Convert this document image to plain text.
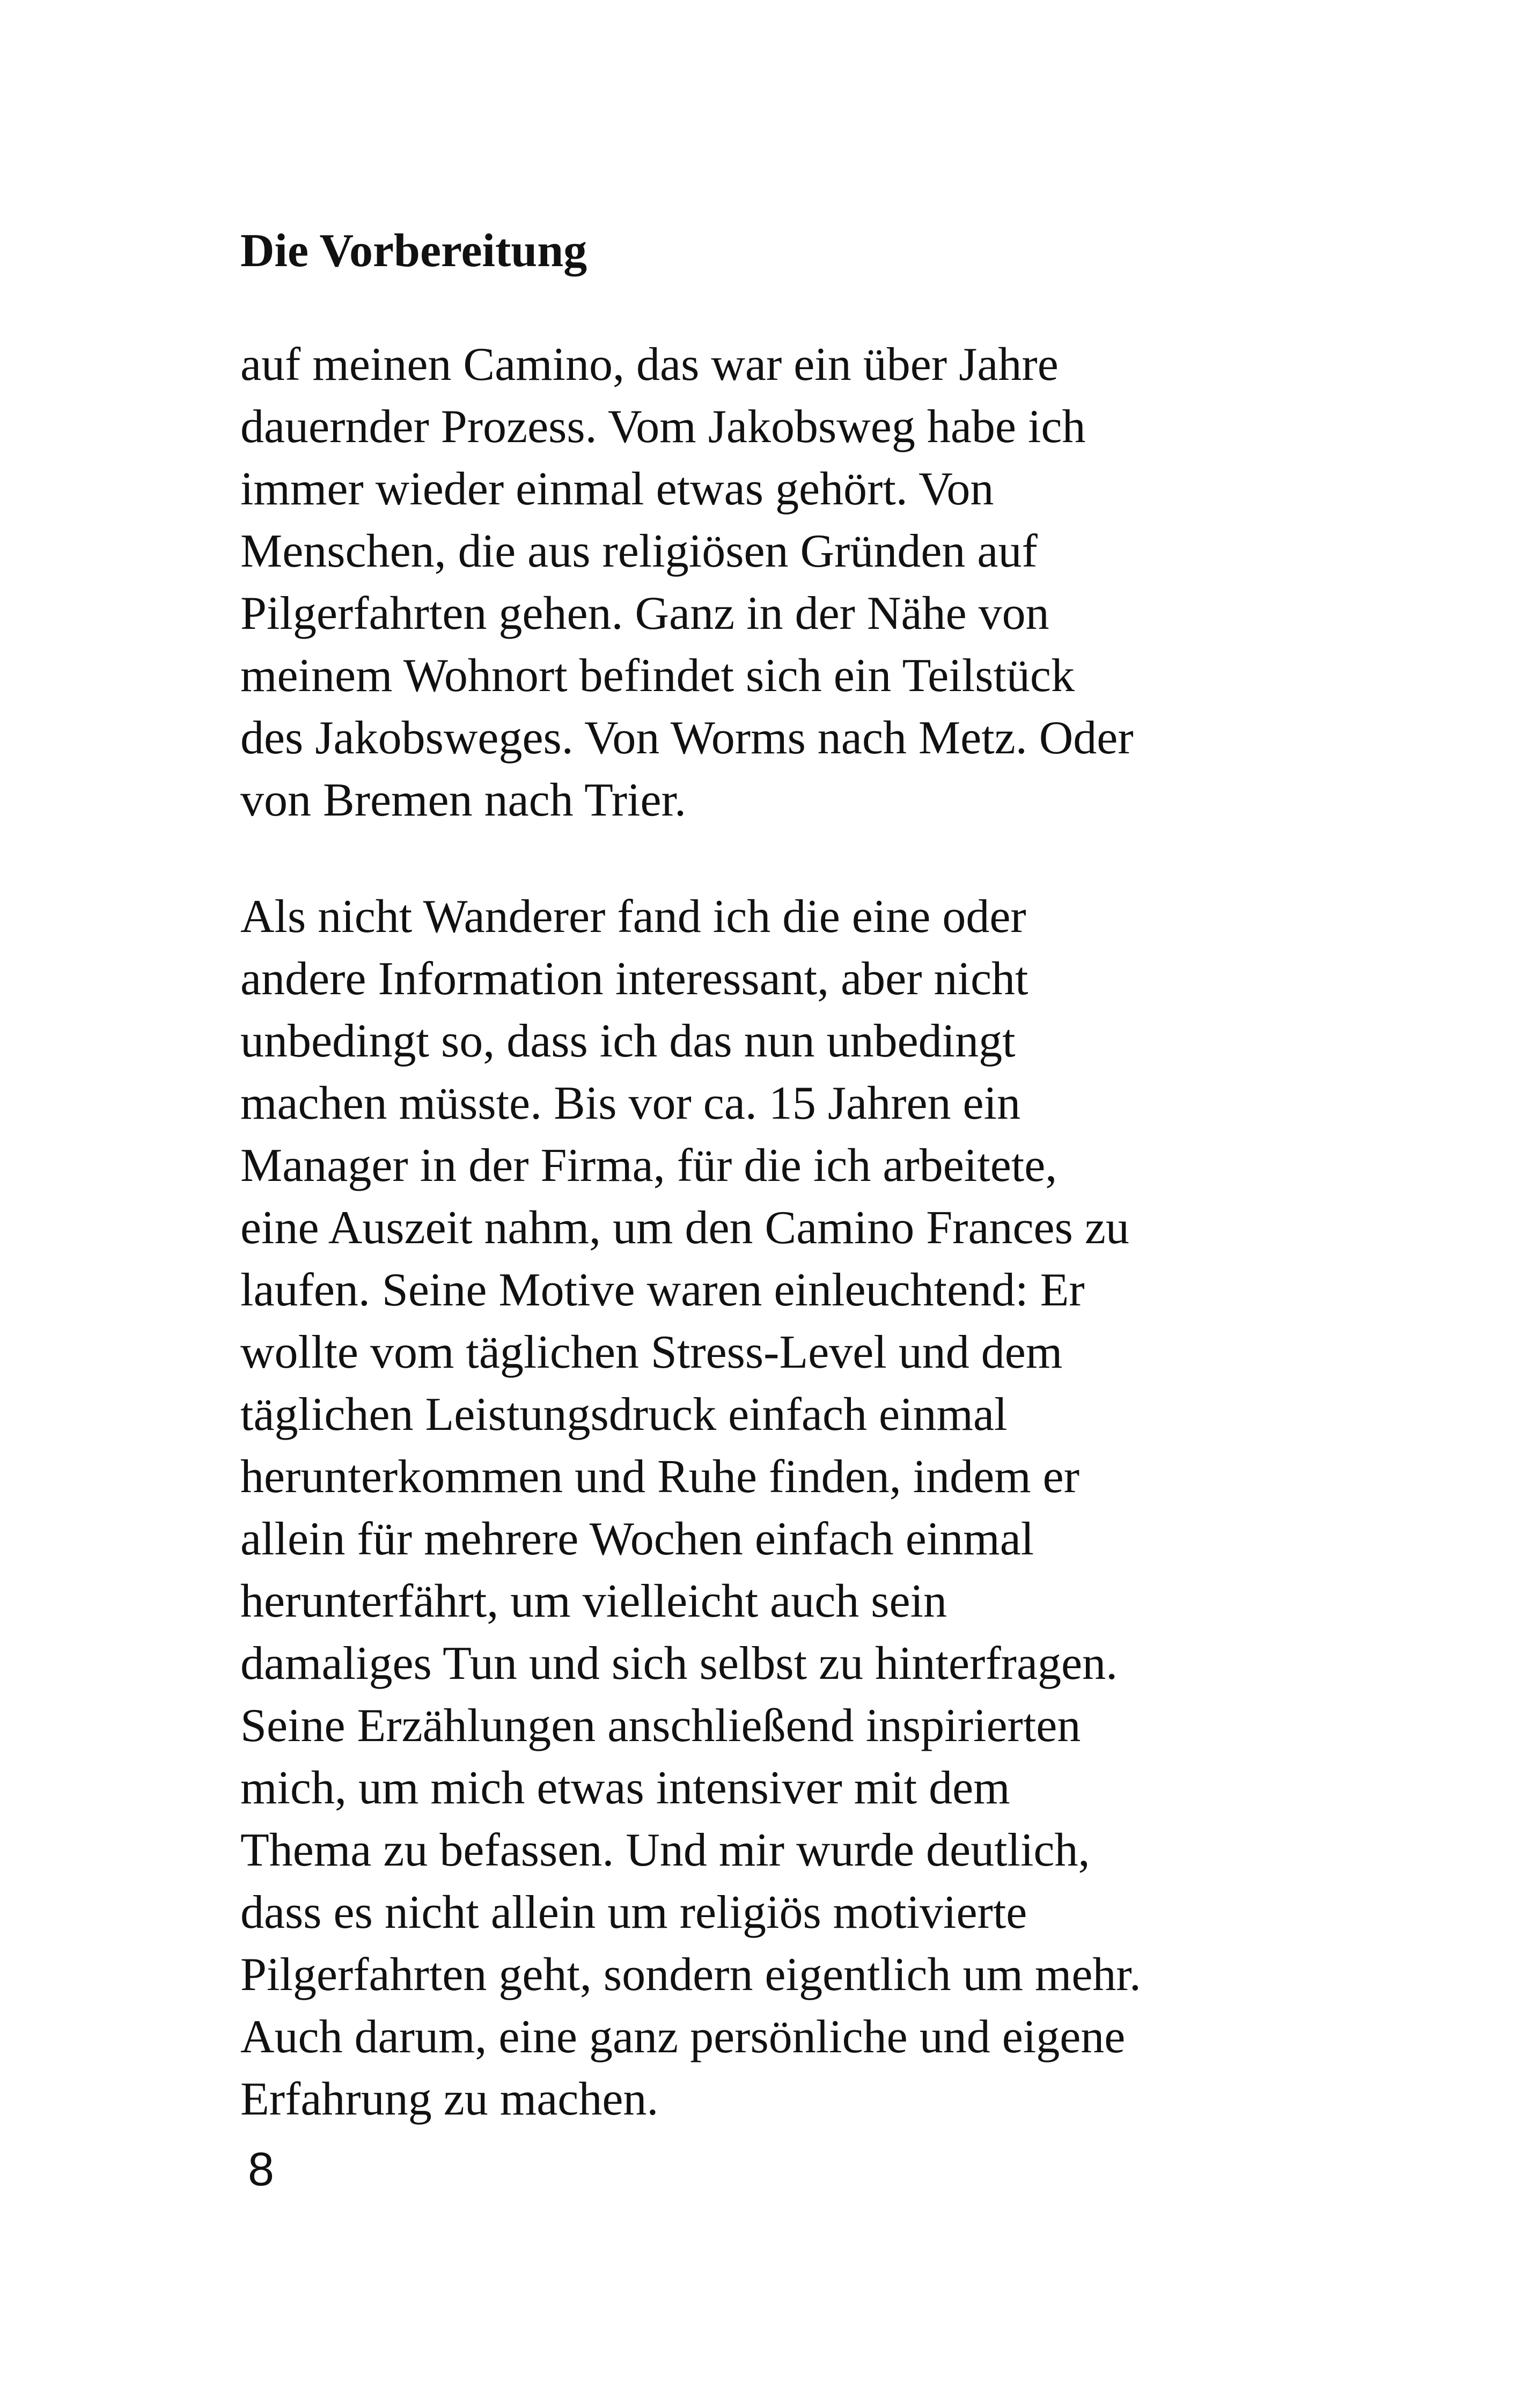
Die Vorbereitung
auf meinen Camino, das war ein über Jahre
dauernder Prozess. Vom Jakobsweg habe ich
immer wieder einmal etwas gehört. Von
Menschen, die aus religiösen Gründen auf
Pilgerfahrten gehen. Ganz in der Nähe von
meinem Wohnort befindet sich ein Teilstück
des Jakobsweges. Von Worms nach Metz. Oder
von Bremen nach Trier.
Als nicht Wanderer fand ich die eine oder
andere Information interessant, aber nicht
unbedingt so, dass ich das nun unbedingt
machen müsste. Bis vor ca. 15 Jahren ein
Manager in der Firma, für die ich arbeitete,
eine Auszeit nahm, um den Camino Frances zu
laufen. Seine Motive waren einleuchtend: Er
wollte vom täglichen Stress-Level und dem
täglichen Leistungsdruck einfach einmal
herunterkommen und Ruhe finden, indem er
allein für mehrere Wochen einfach einmal
herunterfährt, um vielleicht auch sein
damaliges Tun und sich selbst zu hinterfragen.
Seine Erzählungen anschließend inspirierten
mich, um mich etwas intensiver mit dem
Thema zu befassen. Und mir wurde deutlich,
dass es nicht allein um religiös motivierte
Pilgerfahrten geht, sondern eigentlich um mehr.
Auch darum, eine ganz persönliche und eigene
Erfahrung zu machen.
8
